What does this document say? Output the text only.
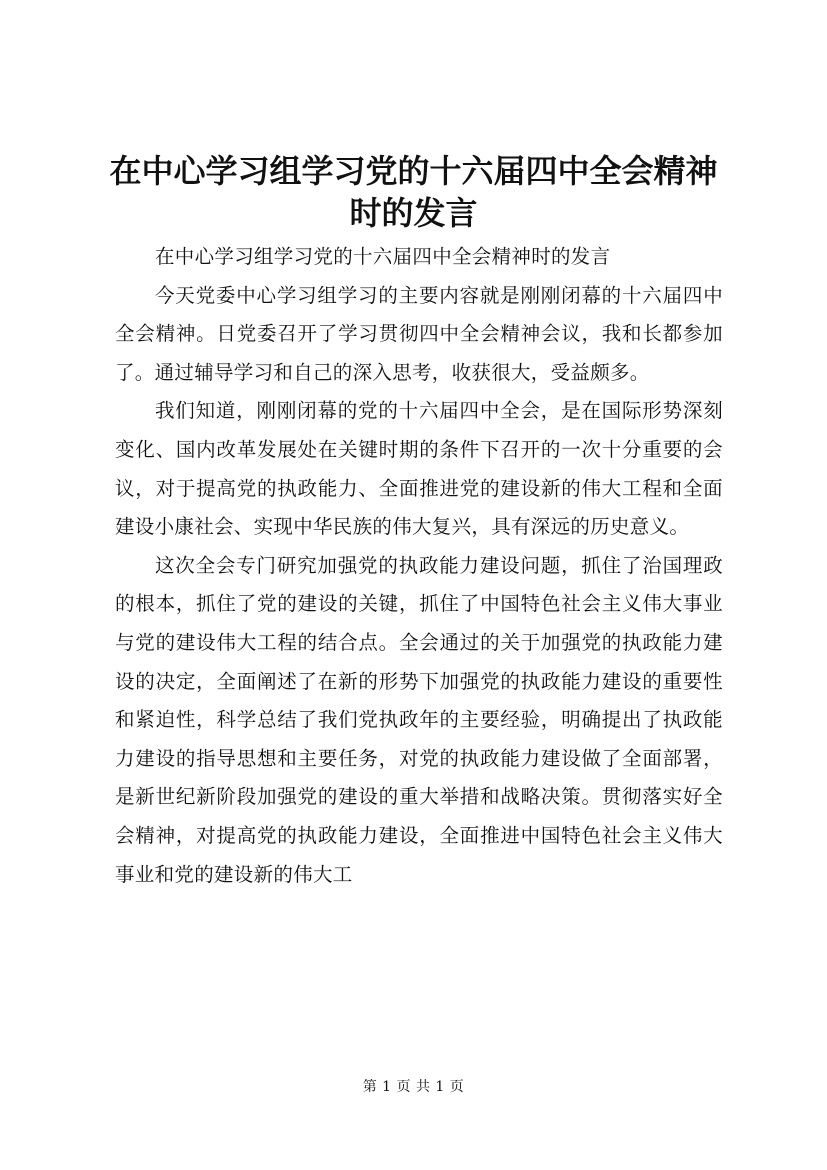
在中心学习组学习党的十六届四中全会精神时的发言

在中心学习组学习党的十六届四中全会精神时的发言

今天党委中心学习组学习的主要内容就是刚刚闭幕的十六届四中全会精神。日党委召开了学习贯彻四中全会精神会议，我和长都参加了。通过辅导学习和自己的深入思考，收获很大，受益颇多。

我们知道，刚刚闭幕的党的十六届四中全会，是在国际形势深刻变化、国内改革发展处在关键时期的条件下召开的一次十分重要的会议，对于提高党的执政能力、全面推进党的建设新的伟大工程和全面建设小康社会、实现中华民族的伟大复兴，具有深远的历史意义。

这次全会专门研究加强党的执政能力建设问题，抓住了治国理政的根本，抓住了党的建设的关键，抓住了中国特色社会主义伟大事业与党的建设伟大工程的结合点。全会通过的关于加强党的执政能力建设的决定，全面阐述了在新的形势下加强党的执政能力建设的重要性和紧迫性，科学总结了我们党执政年的主要经验，明确提出了执政能力建设的指导思想和主要任务，对党的执政能力建设做了全面部署，是新世纪新阶段加强党的建设的重大举措和战略决策。贯彻落实好全会精神，对提高党的执政能力建设，全面推进中国特色社会主义伟大事业和党的建设新的伟大工

第 1 页 共 1 页
